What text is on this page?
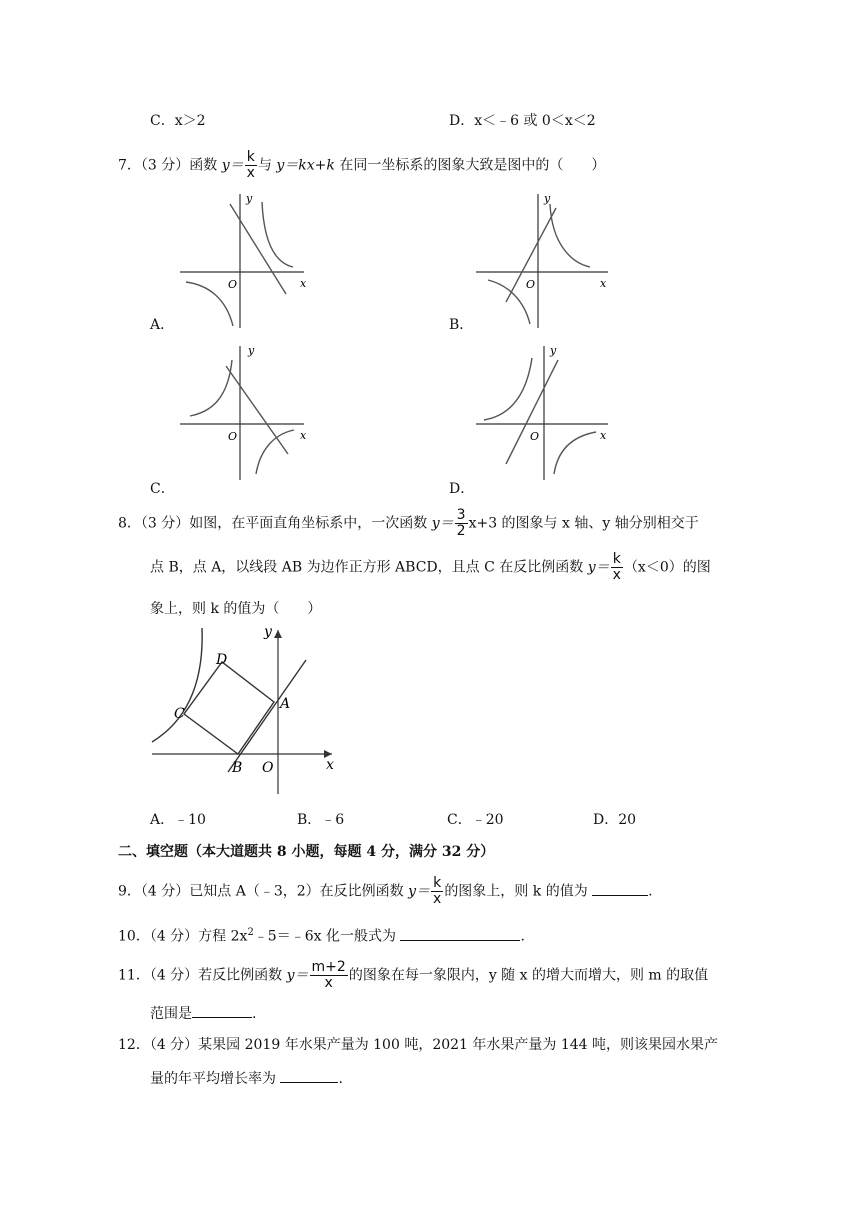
C．x＞2	D．x＜﹣6 或 0＜x＜2
7．（3 分）函数 $y= \frac{k}{x}$ 与 y＝kx+k 在同一坐标系的图象大致是图中的（　　）
y
x
O
A．
y
x
O
B．
y
x
O
C．
y
x
O
D．
8．（3 分）如图，在平面直角坐标系中，一次函数 $y= \frac{3}{2} x+3$ 的图象与 x 轴、y 轴分别相交于
点 B，点 A，以线段 AB 为边作正方形 ABCD，且点 C 在反比例函数 $y= \frac{k}{x} (x<0)$的图
象上，则 k 的值为（　　）
y
x
D
C
A
B O
A．﹣10	B．﹣6	C．﹣20	D．20
二、填空题（本大道题共 8 小题，每题 4 分，满分 32 分）
9．（4 分）已知点 A（﹣3，2）在反比例函数 $y= \frac{k}{x}$ 的图象上，则 k 的值为	.
10．（4 分）方程 $2x^2﹣5=﹣6x$ 化一般式为	.
11．（4 分）若反比例函数 $y= \frac{m+2}{x}$ 的图象在每一象限内，y 随 x 的增大而增大，则 m 的取值
范围是	.
12．（4 分）某果园 2019 年水果产量为 100 吨，2021 年水果产量为 144 吨，则该果园水果产
量的年平均增长率为	.
